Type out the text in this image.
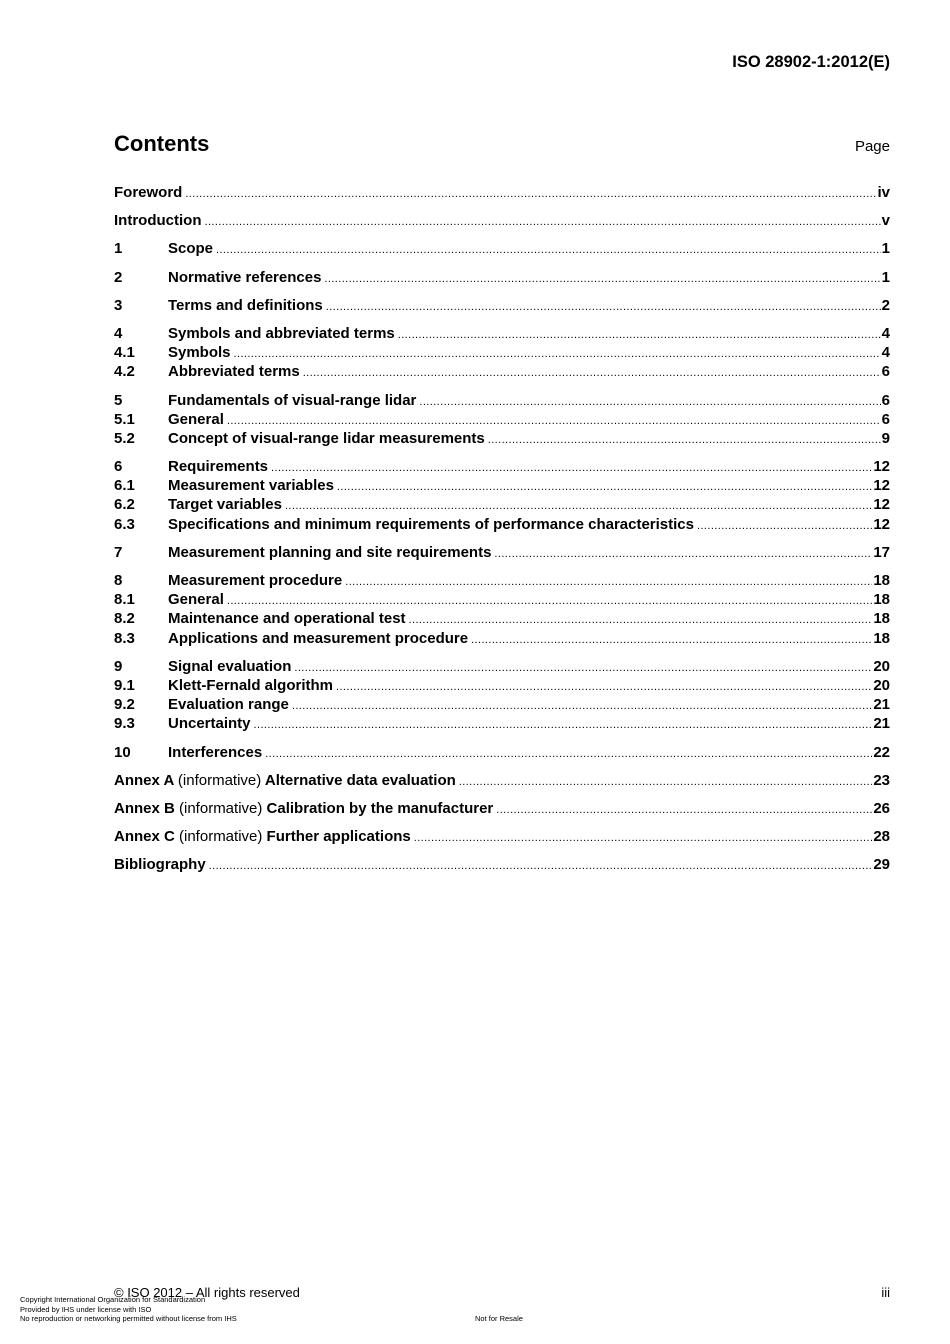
ISO 28902-1:2012(E)
Contents	Page
Foreword .....	iv
Introduction .....	v
1	Scope .....	1
2	Normative references .....	1
3	Terms and definitions .....	2
4	Symbols and abbreviated terms .....	4
4.1	Symbols .....	4
4.2	Abbreviated terms .....	6
5	Fundamentals of visual-range lidar .....	6
5.1	General .....	6
5.2	Concept of visual-range lidar measurements .....	9
6	Requirements .....	12
6.1	Measurement variables .....	12
6.2	Target variables .....	12
6.3	Specifications and minimum requirements of performance characteristics .....	12
7	Measurement planning and site requirements .....	17
8	Measurement procedure .....	18
8.1	General .....	18
8.2	Maintenance and operational test .....	18
8.3	Applications and measurement procedure .....	18
9	Signal evaluation .....	20
9.1	Klett-Fernald algorithm .....	20
9.2	Evaluation range .....	21
9.3	Uncertainty .....	21
10	Interferences .....	22
Annex A (informative) Alternative data evaluation .....	23
Annex B (informative) Calibration by the manufacturer .....	26
Annex C (informative) Further applications .....	28
Bibliography .....	29
© ISO 2012 – All rights reserved	iii
Copyright International Organization for Standardization
Provided by IHS under license with ISO
No reproduction or networking permitted without license from IHS	Not for Resale
